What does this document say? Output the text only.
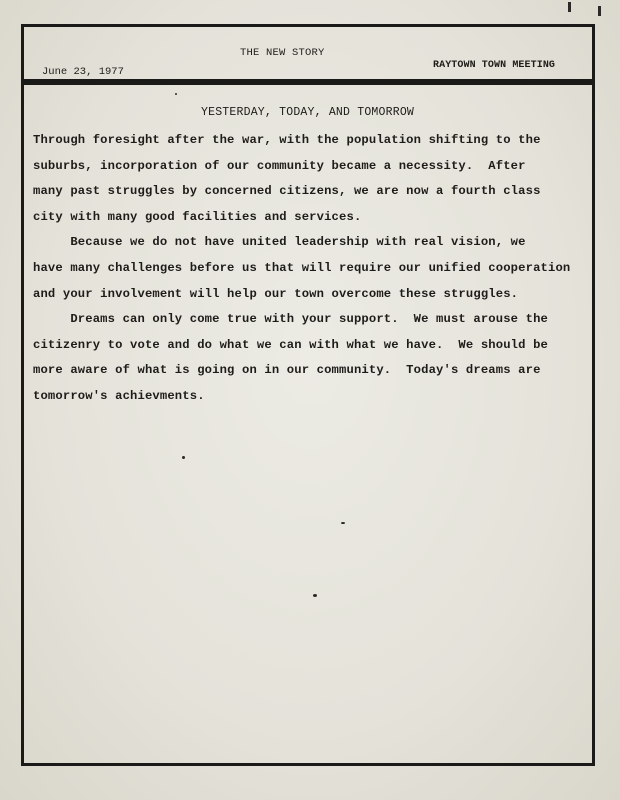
THE NEW STORY
June 23, 1977
RAYTOWN TOWN MEETING
YESTERDAY, TODAY, AND TOMORROW
Through foresight after the war, with the population shifting to the
suburbs, incorporation of our community became a necessity.  After
many past struggles by concerned citizens, we are now a fourth class
city with many good facilities and services.
Because we do not have united leadership with real vision, we
have many challenges before us that will require our unified cooperation
and your involvement will help our town overcome these struggles.
Dreams can only come true with your support.  We must arouse the
citizenry to vote and do what we can with what we have.  We should be
more aware of what is going on in our community.  Today's dreams are
tomorrow's achievments.
